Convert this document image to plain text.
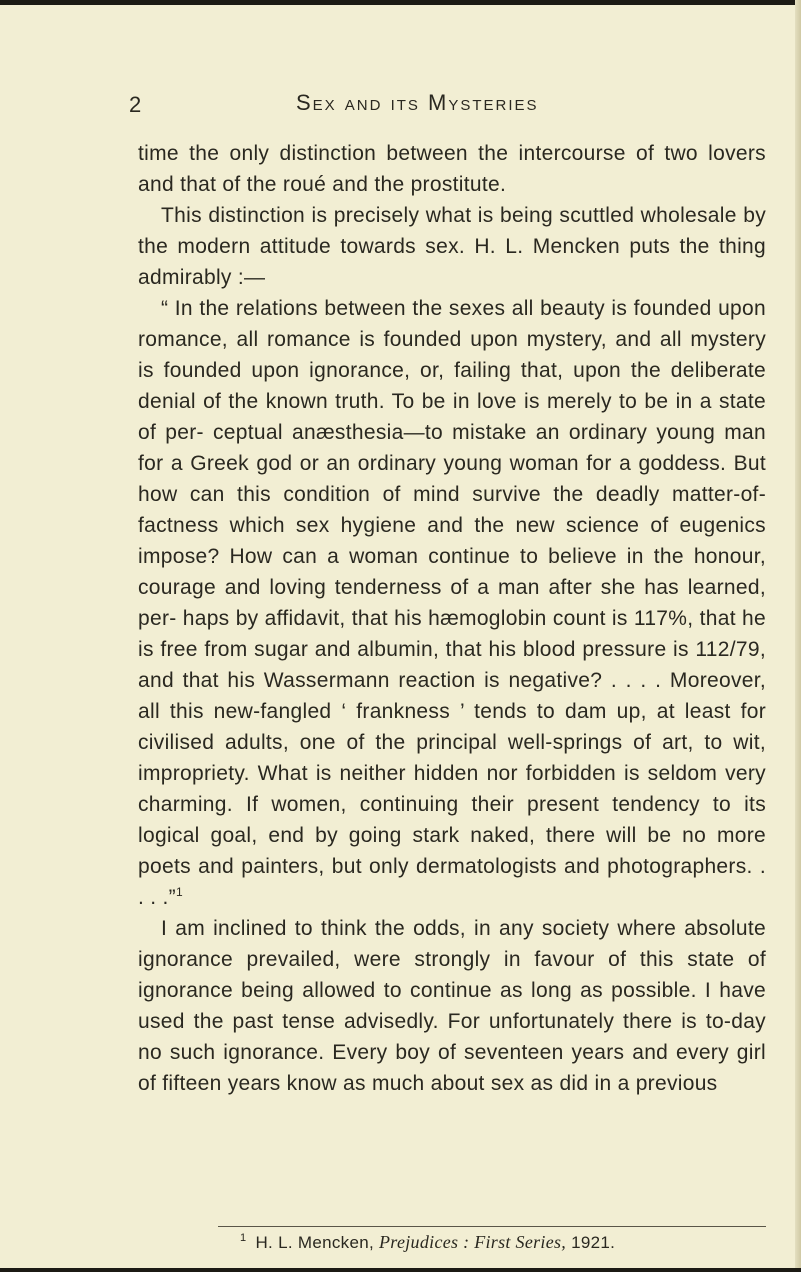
2	Sex and its Mysteries

time the only distinction between the intercourse of two lovers and that of the roué and the prostitute.

This distinction is precisely what is being scuttled wholesale by the modern attitude towards sex. H. L. Mencken puts the thing admirably :—

“ In the relations between the sexes all beauty is founded upon romance, all romance is founded upon mystery, and all mystery is founded upon ignorance, or, failing that, upon the deliberate denial of the known truth. To be in love is merely to be in a state of per- ceptual anæsthesia—to mistake an ordinary young man for a Greek god or an ordinary young woman for a goddess. But how can this condition of mind survive the deadly matter-of-factness which sex hygiene and the new science of eugenics impose? How can a woman continue to believe in the honour, courage and loving tenderness of a man after she has learned, per- haps by affidavit, that his hæmoglobin count is 117%, that he is free from sugar and albumin, that his blood pressure is 112/79, and that his Wassermann reaction is negative? . . . . Moreover, all this new-fangled ‘ frankness ’ tends to dam up, at least for civilised adults, one of the principal well-springs of art, to wit, impropriety. What is neither hidden nor forbidden is seldom very charming. If women, continuing their present tendency to its logical goal, end by going stark naked, there will be no more poets and painters, but only dermatologists and photographers. . . . .”$^1$

I am inclined to think the odds, in any society where absolute ignorance prevailed, were strongly in favour of this state of ignorance being allowed to continue as long as possible. I have used the past tense advisedly. For unfortunately there is to-day no such ignorance. Every boy of seventeen years and every girl of fifteen years know as much about sex as did in a previous

$^1$ H. L. Mencken, Prejudices : First Series, 1921.
